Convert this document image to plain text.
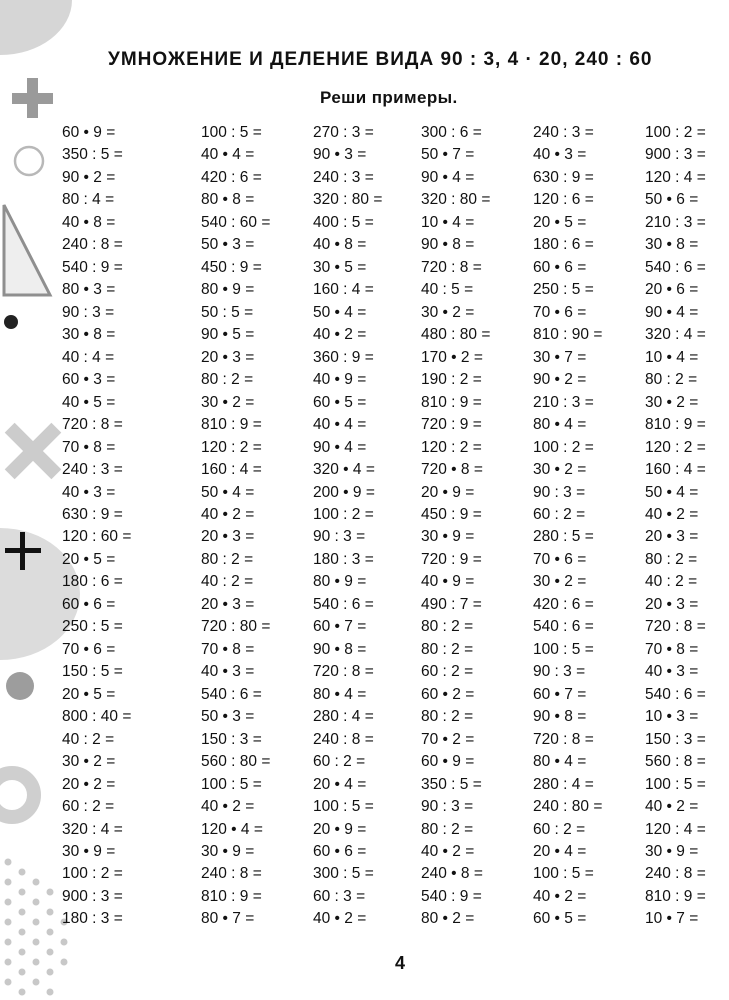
УМНОЖЕНИЕ И ДЕЛЕНИЕ ВИДА 90 : 3, 4 · 20, 240 : 60
Реши примеры.
60 • 9 =
350 : 5 =
90 • 2 =
80 : 4 =
40 • 8 =
240 : 8 =
540 : 9 =
80 • 3 =
90 : 3 =
30 • 8 =
40 : 4 =
60 • 3 =
40 • 5 =
720 : 8 =
70 • 8 =
240 : 3 =
40 • 3 =
630 : 9 =
120 : 60 =
20 • 5 =
180 : 6 =
60 • 6 =
250 : 5 =
70 • 6 =
150 : 5 =
20 • 5 =
800 : 40 =
40 : 2 =
30 • 2 =
20 • 2 =
60 : 2 =
320 : 4 =
30 • 9 =
100 : 2 =
900 : 3 =
180 : 3 =
100 : 5 =
40 • 4 =
420 : 6 =
80 • 8 =
540 : 60 =
50 • 3 =
450 : 9 =
80 • 9 =
50 : 5 =
90 • 5 =
20 • 3 =
80 : 2 =
30 • 2 =
810 : 9 =
120 : 2 =
160 : 4 =
50 • 4 =
40 • 2 =
20 • 3 =
80 : 2 =
40 : 2 =
20 • 3 =
720 : 80 =
70 • 8 =
40 • 3 =
540 : 6 =
50 • 3 =
150 : 3 =
560 : 80 =
100 : 5 =
40 • 2 =
120 • 4 =
30 • 9 =
240 : 8 =
810 : 9 =
80 • 7 =
270 : 3 =
90 • 3 =
240 : 3 =
320 : 80 =
400 : 5 =
40 • 8 =
30 • 5 =
160 : 4 =
50 • 4 =
40 • 2 =
360 : 9 =
40 • 9 =
60 • 5 =
40 • 4 =
90 • 4 =
320 • 4 =
200 • 9 =
100 : 2 =
90 : 3 =
180 : 3 =
80 • 9 =
540 : 6 =
60 • 7 =
90 • 8 =
720 : 8 =
80 • 4 =
280 : 4 =
240 : 8 =
60 : 2 =
20 • 4 =
100 : 5 =
20 • 9 =
60 • 6 =
300 : 5 =
60 : 3 =
40 • 2 =
300 : 6 =
50 • 7 =
90 • 4 =
320 : 80 =
10 • 4 =
90 • 8 =
720 : 8 =
40 : 5 =
30 • 2 =
480 : 80 =
170 • 2 =
190 : 2 =
810 : 9 =
720 : 9 =
120 : 2 =
720 • 8 =
20 • 9 =
450 : 9 =
30 • 9 =
720 : 9 =
40 • 9 =
490 : 7 =
80 : 2 =
80 : 2 =
60 : 2 =
60 • 2 =
80 : 2 =
70 • 2 =
60 • 9 =
350 : 5 =
90 : 3 =
80 : 2 =
40 • 2 =
240 • 8 =
540 : 9 =
80 • 2 =
240 : 3 =
40 • 3 =
630 : 9 =
120 : 6 =
20 • 5 =
180 : 6 =
60 • 6 =
250 : 5 =
70 • 6 =
810 : 90 =
30 • 7 =
90 • 2 =
210 : 3 =
80 • 4 =
100 : 2 =
30 • 2 =
90 : 3 =
60 : 2 =
280 : 5 =
70 • 6 =
30 • 2 =
420 : 6 =
540 : 6 =
100 : 5 =
90 : 3 =
60 • 7 =
90 • 8 =
720 : 8 =
80 • 4 =
280 : 4 =
240 : 80 =
60 : 2 =
20 • 4 =
100 : 5 =
40 • 2 =
60 • 5 =
100 : 2 =
900 : 3 =
120 : 4 =
50 • 6 =
210 : 3 =
30 • 8 =
540 : 6 =
20 • 6 =
90 • 4 =
320 : 4 =
10 • 4 =
80 : 2 =
30 • 2 =
810 : 9 =
120 : 2 =
160 : 4 =
50 • 4 =
40 • 2 =
20 • 3 =
80 : 2 =
40 : 2 =
20 • 3 =
720 : 8 =
70 • 8 =
40 • 3 =
540 : 6 =
10 • 3 =
150 : 3 =
560 : 8 =
100 : 5 =
40 • 2 =
120 : 4 =
30 • 9 =
240 : 8 =
810 : 9 =
10 • 7 =
4
